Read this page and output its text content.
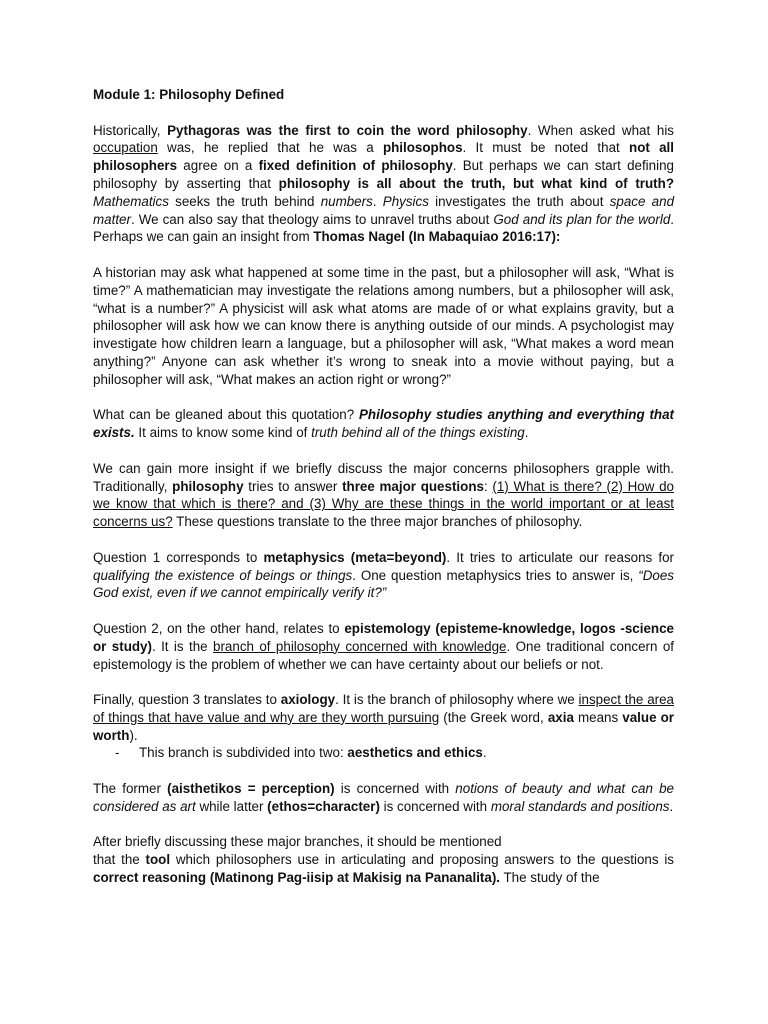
Module 1: Philosophy Defined

Historically, Pythagoras was the first to coin the word philosophy. When asked what his occupation was, he replied that he was a philosophos. It must be noted that not all philosophers agree on a fixed definition of philosophy. But perhaps we can start defining philosophy by asserting that philosophy is all about the truth, but what kind of truth? Mathematics seeks the truth behind numbers. Physics investigates the truth about space and matter. We can also say that theology aims to unravel truths about God and its plan for the world. Perhaps we can gain an insight from Thomas Nagel (In Mabaquiao 2016:17):

A historian may ask what happened at some time in the past, but a philosopher will ask, “What is time?” A mathematician may investigate the relations among numbers, but a philosopher will ask, “what is a number?” A physicist will ask what atoms are made of or what explains gravity, but a philosopher will ask how we can know there is anything outside of our minds. A psychologist may investigate how children learn a language, but a philosopher will ask, “What makes a word mean anything?” Anyone can ask whether it’s wrong to sneak into a movie without paying, but a philosopher will ask, “What makes an action right or wrong?”

What can be gleaned about this quotation? Philosophy studies anything and everything that exists. It aims to know some kind of truth behind all of the things existing.

We can gain more insight if we briefly discuss the major concerns philosophers grapple with. Traditionally, philosophy tries to answer three major questions: (1) What is there? (2) How do we know that which is there? and (3) Why are these things in the world important or at least concerns us? These questions translate to the three major branches of philosophy.

Question 1 corresponds to metaphysics (meta=beyond). It tries to articulate our reasons for qualifying the existence of beings or things. One question metaphysics tries to answer is, “Does God exist, even if we cannot empirically verify it?”

Question 2, on the other hand, relates to epistemology (episteme-knowledge, logos -science or study). It is the branch of philosophy concerned with knowledge. One traditional concern of epistemology is the problem of whether we can have certainty about our beliefs or not.

Finally, question 3 translates to axiology. It is the branch of philosophy where we inspect the area of things that have value and why are they worth pursuing (the Greek word, axia means value or worth).

-	This branch is subdivided into two: aesthetics and ethics.

The former (aisthetikos = perception) is concerned with notions of beauty and what can be considered as art while latter (ethos=character) is concerned with moral standards and positions.

After briefly discussing these major branches, it should be mentioned

that the tool which philosophers use in articulating and proposing answers to the questions is correct reasoning (Matinong Pag-iisip at Makisig na Pananalita). The study of the
